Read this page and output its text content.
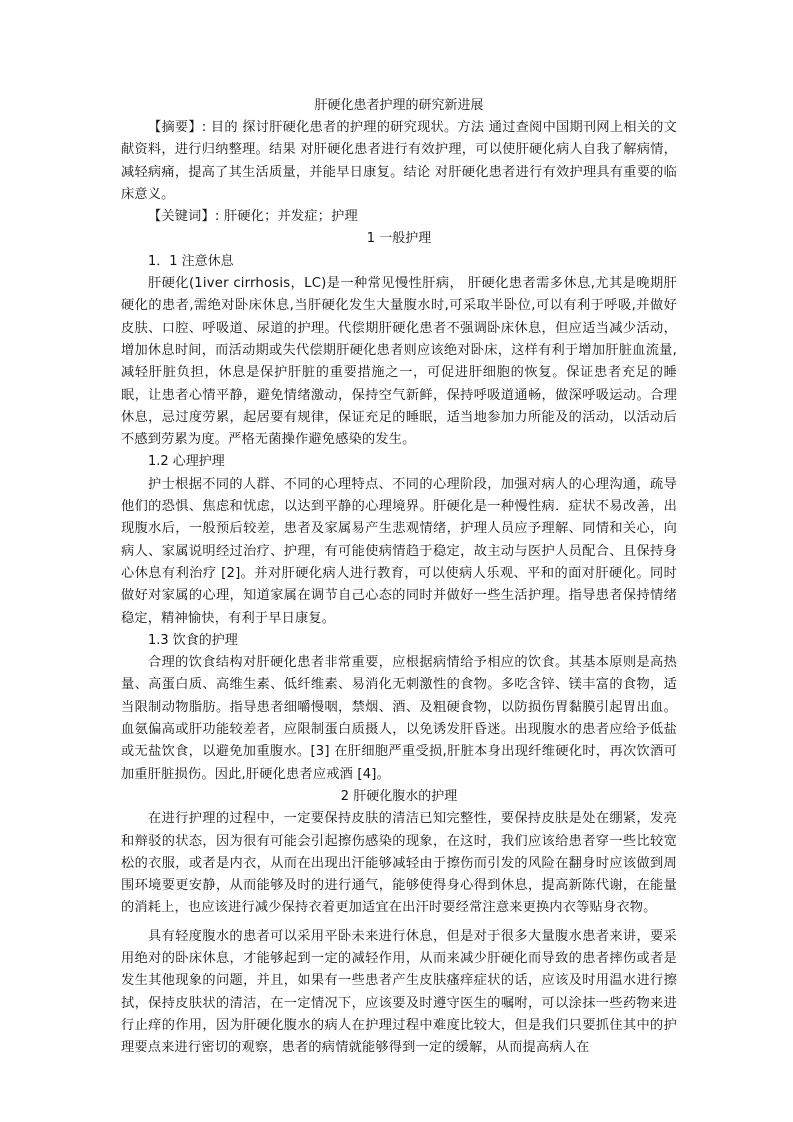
肝硬化患者护理的研究新进展

【摘要】: 目的 探讨肝硬化患者的护理的研究现状。方法 通过查阅中国期刊网上相关的文献资料，进行归纳整理。结果 对肝硬化患者进行有效护理，可以使肝硬化病人自我了解病情，减轻病痛，提高了其生活质量，并能早日康复。结论 对肝硬化患者进行有效护理具有重要的临床意义。

【关键词】: 肝硬化；并发症；护理

1 一般护理

1．1 注意休息

肝硬化(1iver cirrhosis，LC)是一种常见慢性肝病， 肝硬化患者需多休息,尤其是晚期肝硬化的患者,需绝对卧床休息,当肝硬化发生大量腹水时,可采取半卧位,可以有利于呼吸,并做好皮肤、口腔、呼吸道、尿道的护理。代偿期肝硬化患者不强调卧床休息，但应适当减少活动，增加休息时间，而活动期或失代偿期肝硬化患者则应该绝对卧床，这样有利于增加肝脏血流量,减轻肝脏负担，休息是保护肝脏的重要措施之一，可促进肝细胞的恢复。保证患者充足的睡眠，让患者心情平静，避免情绪激动，保持空气新鲜，保持呼吸道通畅，做深呼吸运动。合理休息，忌过度劳累，起居要有规律，保证充足的睡眠，适当地参加力所能及的活动，以活动后不感到劳累为度。严格无菌操作避免感染的发生。

1.2 心理护理

护士根据不同的人群、不同的心理特点、不同的心理阶段，加强对病人的心理沟通，疏导他们的恐惧、焦虑和忧虑，以达到平静的心理境界。肝硬化是一种慢性病．症状不易改善，出现腹水后，一般预后较差，患者及家属易产生悲观情绪，护理人员应予理解、同情和关心，向病人、家属说明经过治疗、护理，有可能使病情趋于稳定，故主动与医护人员配合、且保持身心休息有利治疗 [2]。并对肝硬化病人进行教育，可以使病人乐观、平和的面对肝硬化。同时做好对家属的心理，知道家属在调节自己心态的同时并做好一些生活护理。指导患者保持情绪稳定，精神愉快，有利于早日康复。

1.3 饮食的护理

合理的饮食结构对肝硬化患者非常重要，应根据病情给予相应的饮食。其基本原则是高热量、高蛋白质、高维生素、低纤维素、易消化无刺激性的食物。多吃含锌、镁丰富的食物，适当限制动物脂肪。指导患者细嚼慢咽，禁烟、酒、及粗硬食物，以防损伤胃黏膜引起胃出血。血氨偏高或肝功能较差者，应限制蛋白质摄人，以免诱发肝昏迷。出现腹水的患者应给予低盐或无盐饮食，以避免加重腹水。[3] 在肝细胞严重受损,肝脏本身出现纤维硬化时，再次饮酒可加重肝脏损伤。因此,肝硬化患者应戒酒 [4]。

2 肝硬化腹水的护理

在进行护理的过程中，一定要保持皮肤的清洁已知完整性，要保持皮肤是处在绷紧，发亮和辩驳的状态，因为很有可能会引起擦伤感染的现象，在这时，我们应该给患者穿一些比较宽松的衣服，或者是内衣，从而在出现出汗能够减轻由于擦伤而引发的风险在翻身时应该做到周围环境要更安静，从而能够及时的进行通气，能够使得身心得到休息，提高新陈代谢，在能量的消耗上，也应该进行减少保持衣着更加适宜在出汗时要经常注意来更换内衣等贴身衣物。

具有轻度腹水的患者可以采用平卧未来进行休息，但是对于很多大量腹水患者来讲，要采用绝对的卧床休息，才能够起到一定的减轻作用，从而来减少肝硬化而导致的患者摔伤或者是发生其他现象的问题，并且，如果有一些患者产生皮肤瘙痒症状的话，应该及时用温水进行擦拭，保持皮肤状的清洁，在一定情况下，应该要及时遵守医生的嘱咐，可以涂抹一些药物来进行止痒的作用，因为肝硬化腹水的病人在护理过程中难度比较大，但是我们只要抓住其中的护理要点来进行密切的观察，患者的病情就能够得到一定的缓解，从而提高病人在
